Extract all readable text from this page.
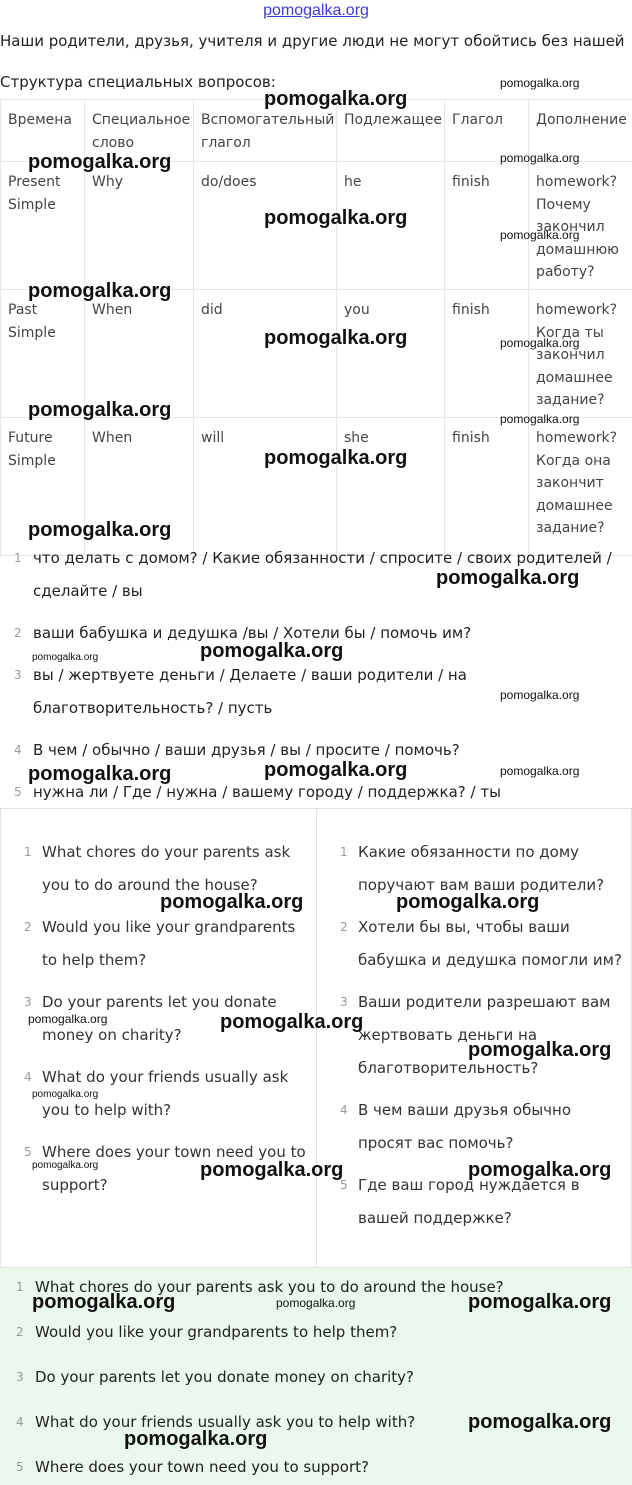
pomogalka.org
Наши родители, друзья, учителя и другие люди не могут обойтись без нашей
Структура специальных вопросов:
Времена	Специальное слово	Вспомогательный глагол	Подлежащее	Глагол	Дополнение
Present Simple	Why	do/does	he	finish	homework? Почему закончил домашнюю работу?
Past Simple	When	did	you	finish	homework? Когда ты закончил домашнее задание?
Future Simple	When	will	she	finish	homework? Когда она закончит домашнее задание?
1 что делать с домом? / Какие обязанности / спросите / своих родителей / сделайте / вы
2 ваши бабушка и дедушка /вы / Хотели бы / помочь им?
3 вы / жертвуете деньги / Делаете / ваши родители / на благотворительность? / пусть
4 В чем / обычно / ваши друзья / вы / просите / помочь?
5 нужна ли / Где / нужна / вашему городу / поддержка? / ты
1 What chores do your parents ask you to do around the house?
2 Would you like your grandparents to help them?
3 Do your parents let you donate money on charity?
4 What do your friends usually ask you to help with?
5 Where does your town need you to support?
1 Какие обязанности по дому поручают вам ваши родители?
2 Хотели бы вы, чтобы ваши бабушка и дедушка помогли им?
3 Ваши родители разрешают вам жертвовать деньги на благотворительность?
4 В чем ваши друзья обычно просят вас помочь?
5 Где ваш город нуждается в вашей поддержке?
1 What chores do your parents ask you to do around the house?
2 Would you like your grandparents to help them?
3 Do your parents let you donate money on charity?
4 What do your friends usually ask you to help with?
5 Where does your town need you to support?
pomogalka.org
pomogalka.org
pomogalka.org	pomogalka.org
pomogalka.org
pomogalka.org
pomogalka.org
pomogalka.org	pomogalka.org
pomogalka.org	pomogalka.org
pomogalka.org
pomogalka.org
pomogalka.org
pomogalka.org
pomogalka.org
pomogalka.org
pomogalka.org	pomogalka.org	pomogalka.org
pomogalka.org	pomogalka.org
pomogalka.org	pomogalka.org
pomogalka.org
pomogalka.org
pomogalka.org	pomogalka.org	pomogalka.org
pomogalka.org	pomogalka.org	pomogalka.org
pomogalka.org
pomogalka.org
